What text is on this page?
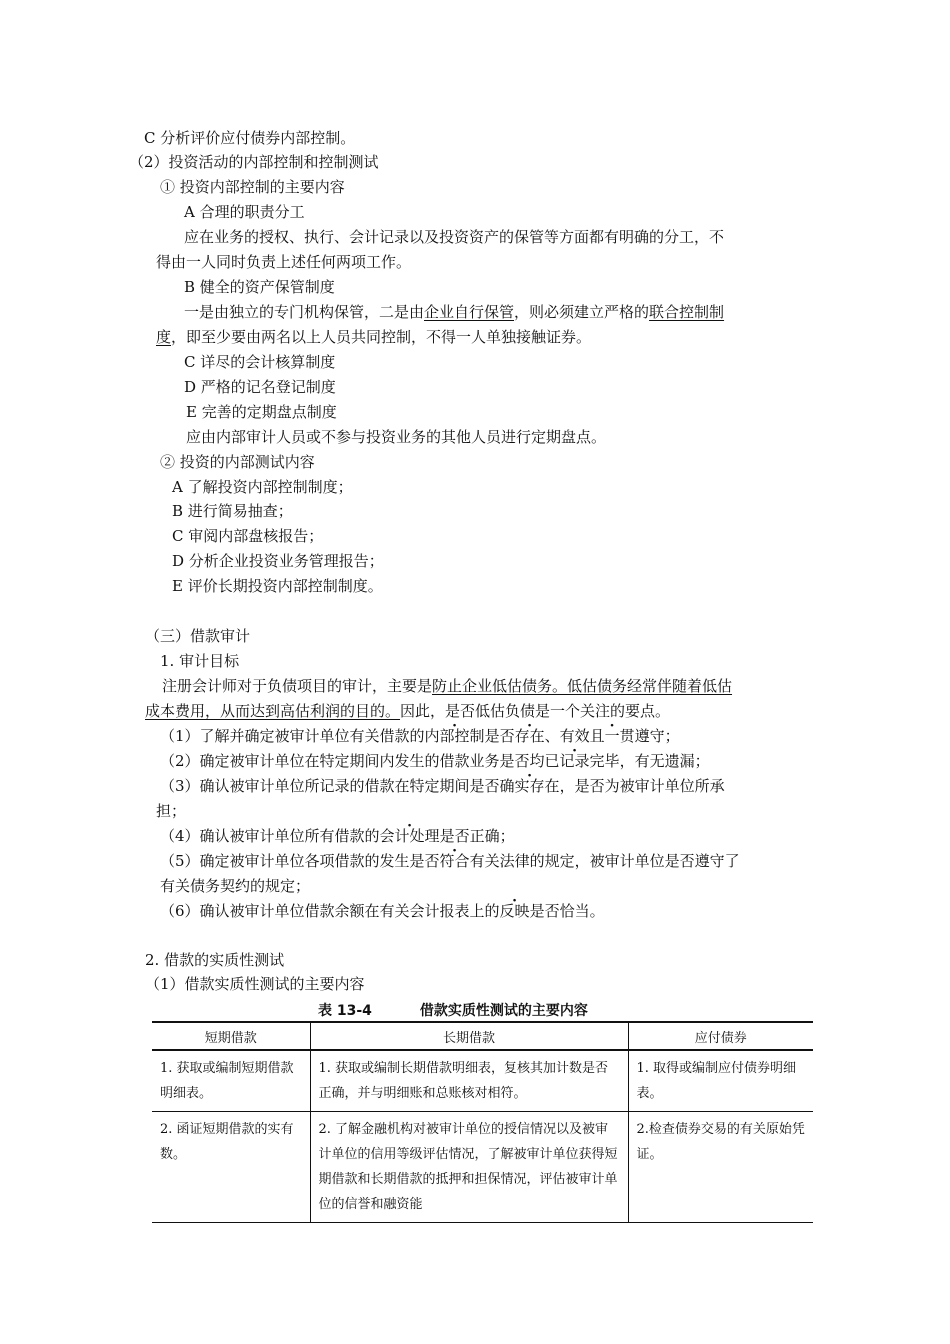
C 分析评价应付债券内部控制。
（2）投资活动的内部控制和控制测试
① 投资内部控制的主要内容
A 合理的职责分工
应在业务的授权、执行、会计记录以及投资资产的保管等方面都有明确的分工，不
得由一人同时负责上述任何两项工作。
B 健全的资产保管制度
一是由独立的专门机构保管，二是由企业自行保管，则必须建立严格的联合控制制
度，即至少要由两名以上人员共同控制，不得一人单独接触证券。
C 详尽的会计核算制度
D 严格的记名登记制度
E 完善的定期盘点制度
应由内部审计人员或不参与投资业务的其他人员进行定期盘点。
② 投资的内部测试内容
A 了解投资内部控制制度；
B 进行简易抽查；
C 审阅内部盘核报告；
D 分析企业投资业务管理报告；
E 评价长期投资内部控制制度。
（三）借款审计
1. 审计目标
注册会计师对于负债项目的审计，主要是防止企业低估债务。低估债务经常伴随着低估
成本费用，从而达到高估利润的目的。因此，是否低估负债是一个关注的要点。
（1）了解并确定被审计单位有关借款的内部控制是否存在、有效且一贯遵守 ·；
（2）确定被审计单位在特定期间内发生的借款业务是否均已记录完毕 ·，有无遗漏；
（3）确认被审计单位所记录的借款在特定期间是否确实存在，是否为被审计单位所承
担；
（4）确认被审计单位所有借款的会计处理是否正确；
（5）确定被审计单位各项借款的发生是否符合有关法律的规定，被审计单位是否遵守了
有关债务契约的规定；
（6）确认被审计单位借款余额在有关会计报表上的反映是否恰当。
2. 借款的实质性测试
（1）借款实质性测试的主要内容
表 13-4	借款实质性测试的主要内容
短期借款	长期借款	应付债券
1. 获取或编制短期借款明细表。	1. 获取或编制长期借款明细表，复核其加计数是否正确，并与明细账和总账核对相符。	1. 取得或编制应付债券明细表。
2. 函证短期借款的实有数。	2. 了解金融机构对被审计单位的授信情况以及被审计单位的信用等级评估情况，了解被审计单位获得短期借款和长期借款的抵押和担保情况，评估被审计单位的信誉和融资能	2.检查债券交易的有关原始凭证。
